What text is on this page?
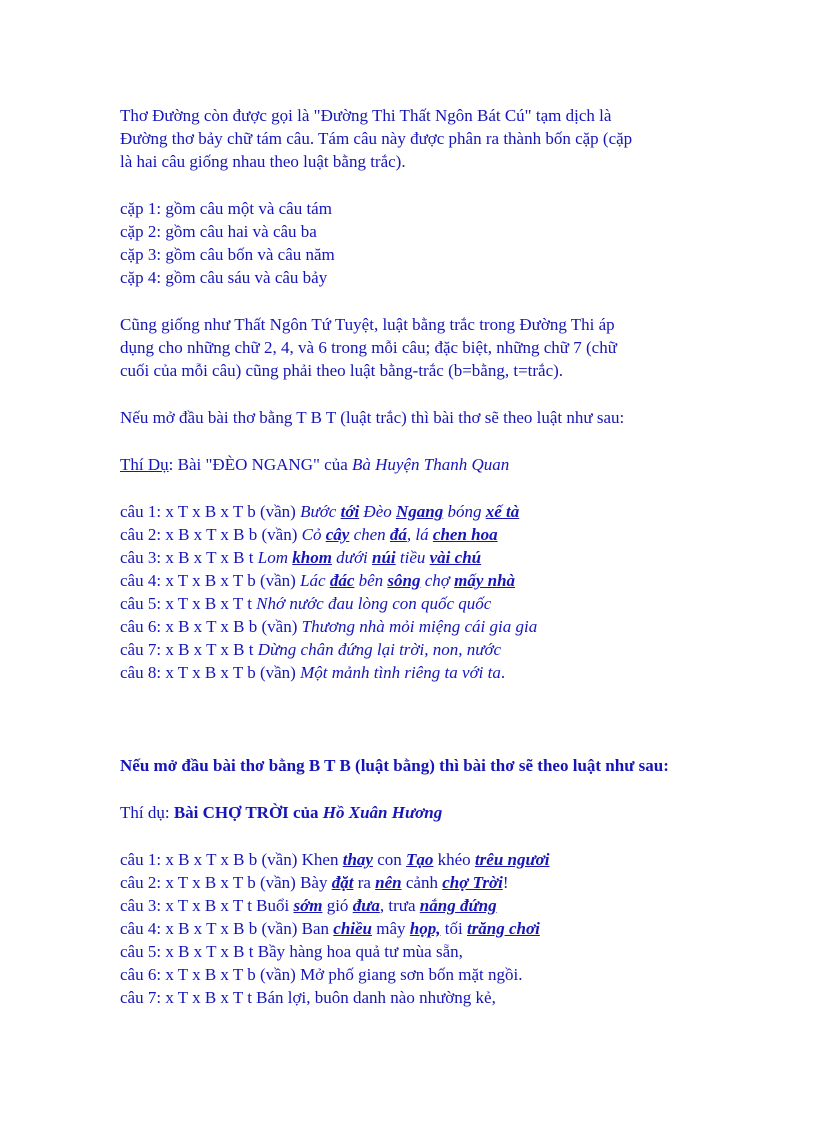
Thơ Đường còn được gọi là "Đường Thi Thất Ngôn Bát Cú" tạm dịch là
Đường thơ bảy chữ tám câu. Tám câu này được phân ra thành bốn cặp (cặp
là hai câu giống nhau theo luật bằng trắc).
cặp 1: gồm câu một và câu tám
cặp 2: gồm câu hai và câu ba
cặp 3: gồm câu bốn và câu năm
cặp 4: gồm câu sáu và câu bảy
Cũng giống như Thất Ngôn Tứ Tuyệt, luật bằng trắc trong Đường Thi áp
dụng cho những chữ 2, 4, và 6 trong mỗi câu; đặc biệt, những chữ 7 (chữ
cuối của mỗi câu) cũng phải theo luật bằng-trắc (b=bằng, t=trắc).
Nếu mở đầu bài thơ bằng T B T (luật trắc) thì bài thơ sẽ theo luật như sau:
Thí Dụ: Bài "ĐÈO NGANG" của Bà Huyện Thanh Quan
câu 1: x T x B x T b (vần) Bước tới Đèo Ngang bóng xế tà
câu 2: x B x T x B b (vần) Cỏ cây chen đá, lá chen hoa
câu 3: x B x T x B t Lom khom dưới núi tiều vài chú
câu 4: x T x B x T b (vần) Lác đác bên sông chợ mấy nhà
câu 5: x T x B x T t Nhớ nước đau lòng con quốc quốc
câu 6: x B x T x B b (vần) Thương nhà mỏi miệng cái gia gia
câu 7: x B x T x B t Dừng chân đứng lại trời, non, nước
câu 8: x T x B x T b (vần) Một mảnh tình riêng ta với ta.
Nếu mở đầu bài thơ bằng B T B (luật bằng) thì bài thơ sẽ theo luật như sau:
Thí dụ: Bài CHỢ TRỜI của Hồ Xuân Hương
câu 1: x B x T x B b (vần) Khen thay con Tạo khéo trêu ngươi
câu 2: x T x B x T b (vần) Bày đặt ra nên cảnh chợ Trời!
câu 3: x T x B x T t Buổi sớm gió đưa, trưa nắng đứng
câu 4: x B x T x B b (vần) Ban chiều mây họp, tối trăng chơi
câu 5: x B x T x B t Bầy hàng hoa quả tư mùa sẵn,
câu 6: x T x B x T b (vần) Mở phố giang sơn bốn mặt ngồi.
câu 7: x T x B x T t Bán lợi, buôn danh nào nhường kẻ,
